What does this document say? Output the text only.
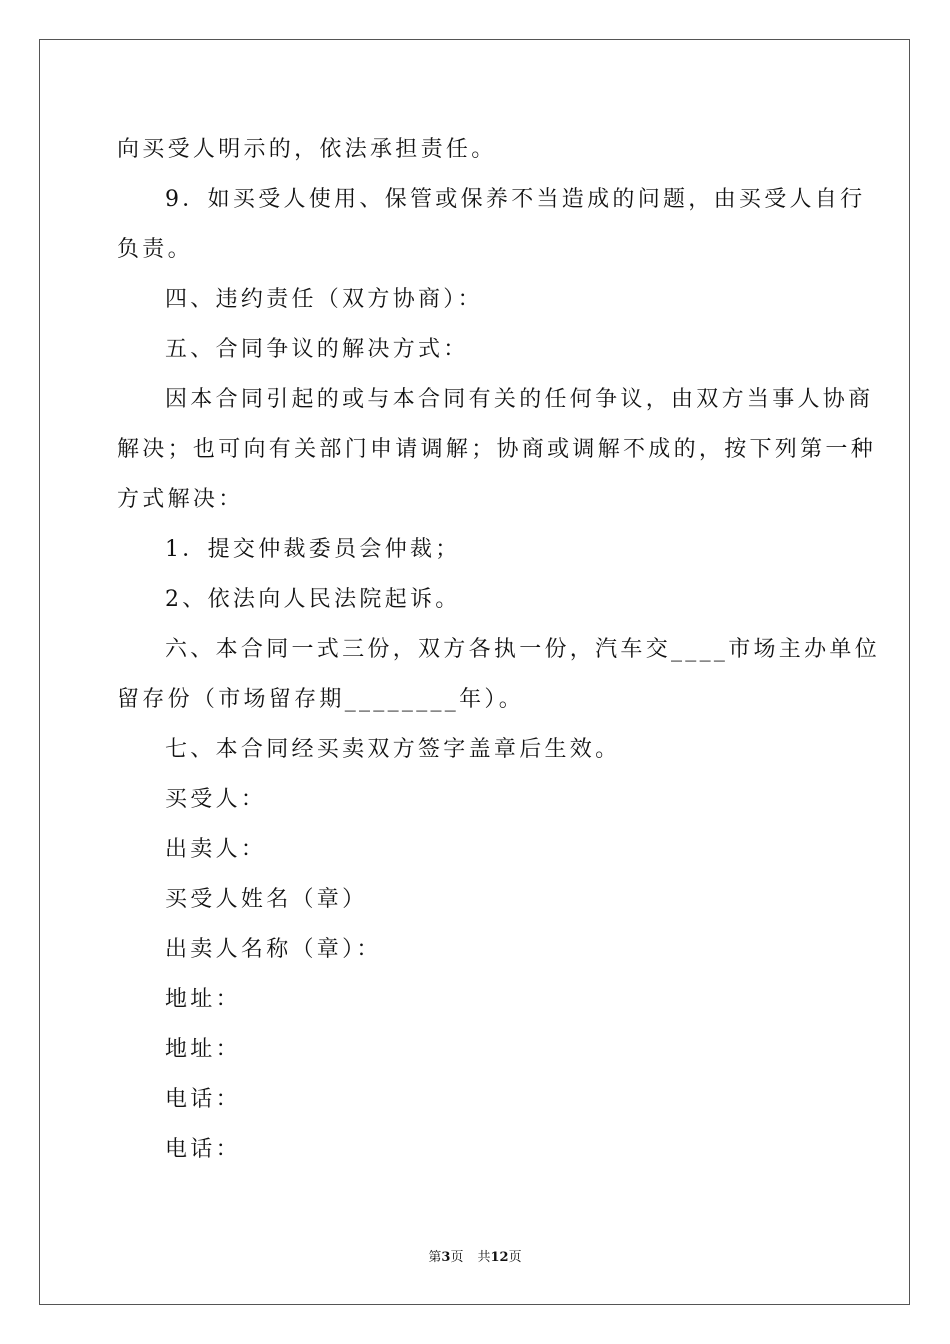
向买受人明示的，依法承担责任。
9．如买受人使用、保管或保养不当造成的问题，由买受人自行
负责。
四、违约责任（双方协商）：
五、合同争议的解决方式：
因本合同引起的或与本合同有关的任何争议，由双方当事人协商
解决；也可向有关部门申请调解；协商或调解不成的，按下列第一种
方式解决：
1．提交仲裁委员会仲裁；
2、依法向人民法院起诉。
六、本合同一式三份，双方各执一份，汽车交____市场主办单位
留存份（市场留存期________年）。
七、本合同经买卖双方签字盖章后生效。
买受人：
出卖人：
买受人姓名（章）
出卖人名称（章）：
地址：
地址：
电话：
电话：
第3页 共12页
